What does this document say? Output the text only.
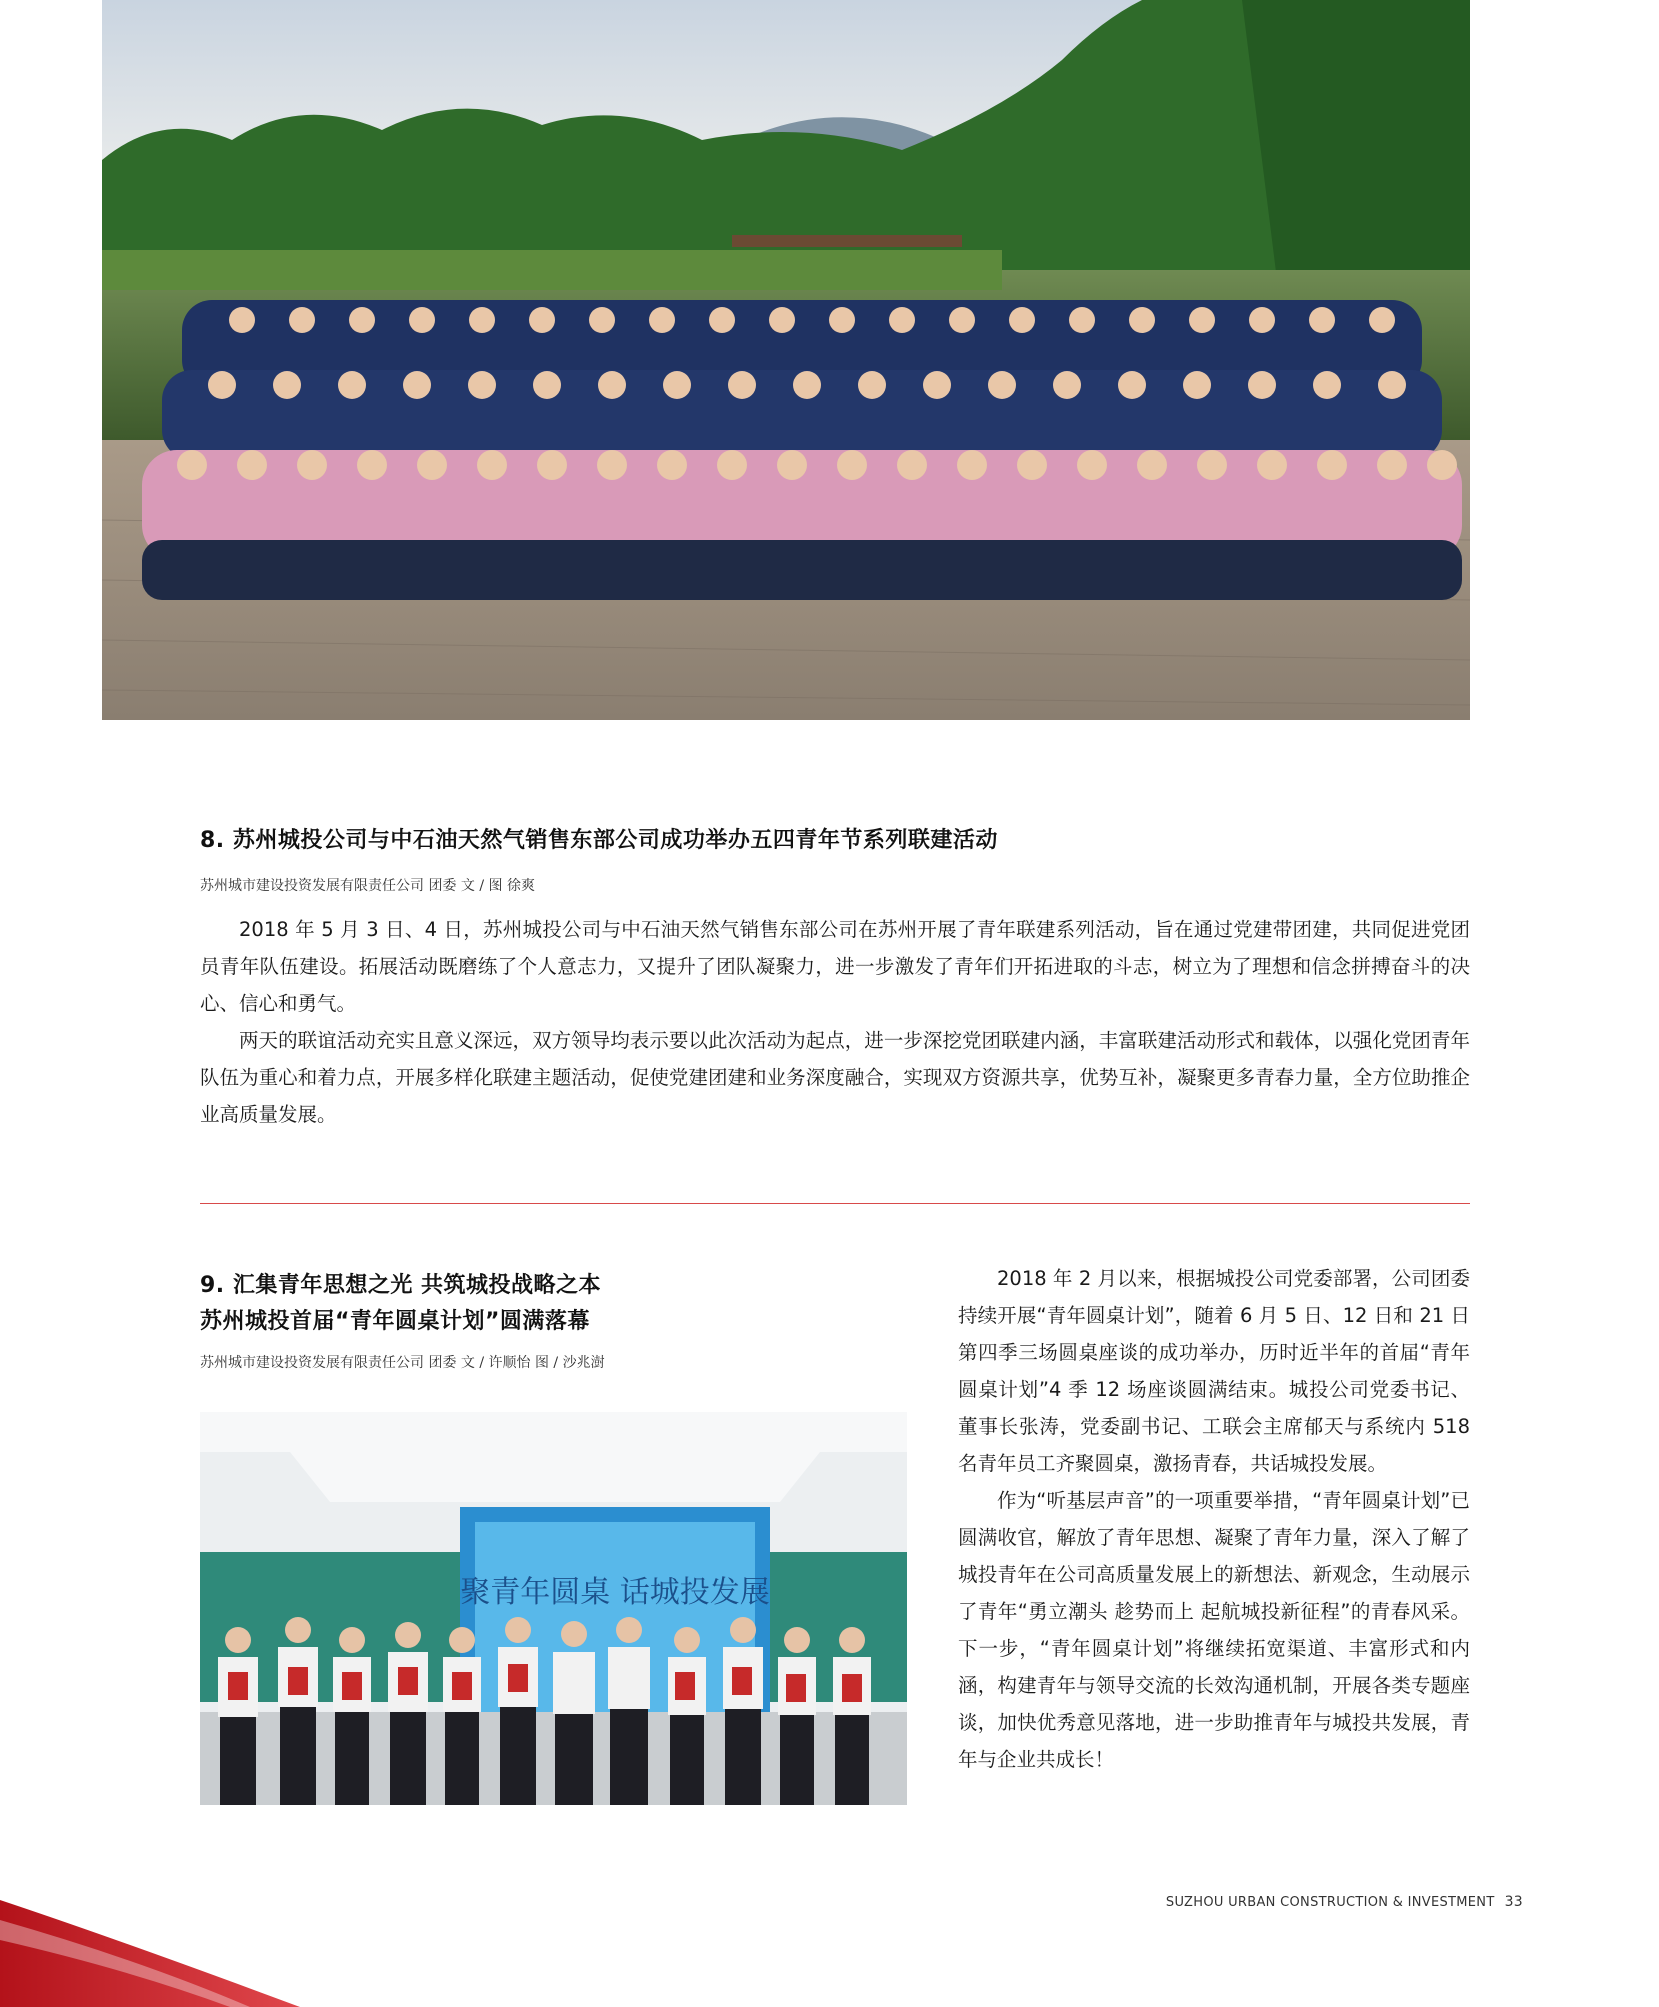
8. 苏州城投公司与中石油天然气销售东部公司成功举办五四青年节系列联建活动
苏州城市建设投资发展有限责任公司 团委 文 / 图 徐爽

2018 年 5 月 3 日、4 日，苏州城投公司与中石油天然气销售东部公司在苏州开展了青年联建系列活动，旨在通过党建带团建，共同促进党团员青年队伍建设。拓展活动既磨练了个人意志力，又提升了团队凝聚力，进一步激发了青年们开拓进取的斗志，树立为了理想和信念拼搏奋斗的决心、信心和勇气。

两天的联谊活动充实且意义深远，双方领导均表示要以此次活动为起点，进一步深挖党团联建内涵，丰富联建活动形式和载体，以强化党团青年队伍为重心和着力点，开展多样化联建主题活动，促使党建团建和业务深度融合，实现双方资源共享，优势互补，凝聚更多青春力量，全方位助推企业高质量发展。

9. 汇集青年思想之光 共筑城投战略之本
苏州城投首届“青年圆桌计划”圆满落幕
苏州城市建设投资发展有限责任公司 团委 文 / 许顺怡 图 / 沙兆澍
聚青年圆桌 话城投发展

2018 年 2 月以来，根据城投公司党委部署，公司团委持续开展“青年圆桌计划”，随着 6 月 5 日、12 日和 21 日第四季三场圆桌座谈的成功举办，历时近半年的首届“青年圆桌计划”4 季 12 场座谈圆满结束。城投公司党委书记、董事长张涛，党委副书记、工联会主席郁天与系统内 518 名青年员工齐聚圆桌，激扬青春，共话城投发展。

作为“听基层声音”的一项重要举措，“青年圆桌计划”已圆满收官，解放了青年思想、凝聚了青年力量，深入了解了城投青年在公司高质量发展上的新想法、新观念，生动展示了青年“勇立潮头 趁势而上 起航城投新征程”的青春风采。下一步，“青年圆桌计划”将继续拓宽渠道、丰富形式和内涵，构建青年与领导交流的长效沟通机制，开展各类专题座谈，加快优秀意见落地，进一步助推青年与城投共发展，青年与企业共成长！

SUZHOU URBAN CONSTRUCTION & INVESTMENT 33
